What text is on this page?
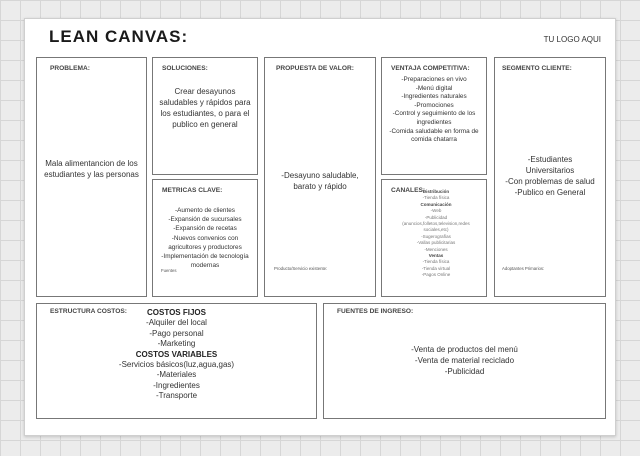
LEAN CANVAS:	TU LOGO AQUI
PROBLEMA:
Mala alimentancion de los estudiantes y las personas
SOLUCIONES:
Crear desayunos saludables y rápidos para los estudiantes, o para el publico en general
METRICAS CLAVE:
-Aumento de clientes
-Expansión de sucursales
-Expansión de recetas
-Nuevos convenios con agricultores y productores
-Implementación de tecnología modernas
Fuentes
PROPUESTA DE VALOR:
-Desayuno saludable, barato y rápido
Producto/Servicio existente:
VENTAJA COMPETITIVA:
-Preparaciones en vivo
-Menú digital
-Ingredientes naturales
-Promociones
-Control y seguimiento de los ingredientes
-Comida saludable en forma de comida chatarra
CANALES:
Distribución
-Tienda física
Comunicación
-Web
-Publicidad
(anuncios,folletos,television,redes
sociales,etc)
-Sugerografías
-Vallas publicitarias
-Menciones
Ventas
-Tienda física
-Tienda virtual
-Pagos Online
SEGMENTO CLIENTE:
-Estudiantes Universitarios
-Con problemas de salud
-Publico en General
Adoptantes Primarios:
ESTRUCTURA COSTOS:	COSTOS FIJOS
-Alquiler del local
-Pago personal
-Marketing
COSTOS VARIABLES
-Servicios básicos(luz,agua,gas)
-Materiales
-Ingredientes
-Transporte
FUENTES DE INGRESO:
-Venta de productos del menú
-Venta de material reciclado
-Publicidad
